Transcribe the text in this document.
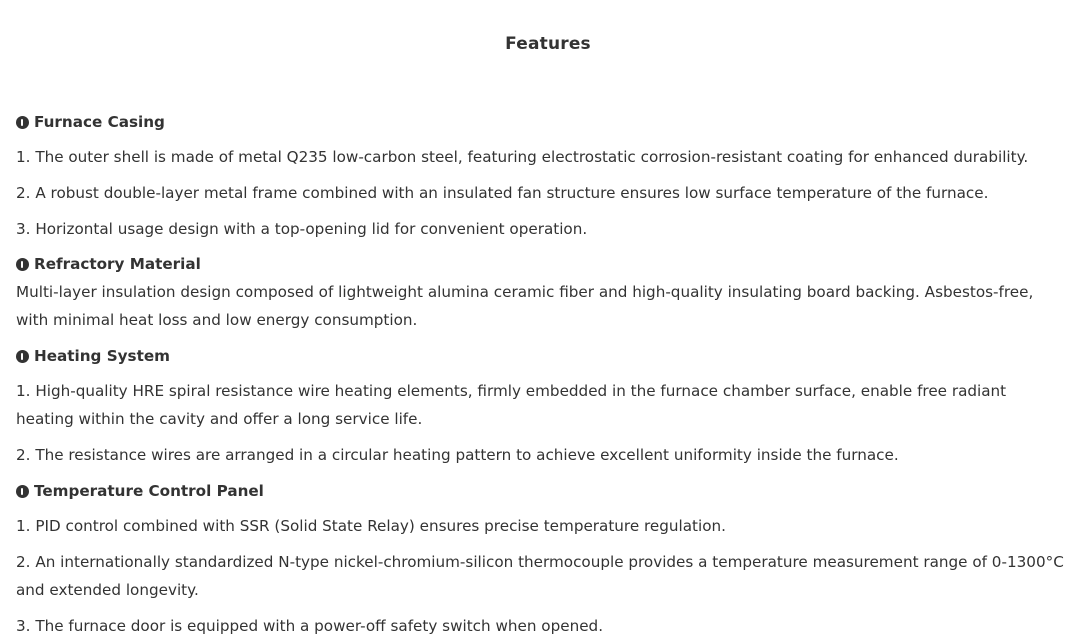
Features
Furnace Casing

1. The outer shell is made of metal Q235 low-carbon steel, featuring electrostatic corrosion-resistant coating for enhanced durability.

2. A robust double-layer metal frame combined with an insulated fan structure ensures low surface temperature of the furnace.

3. Horizontal usage design with a top-opening lid for convenient operation.

Refractory Material

Multi-layer insulation design composed of lightweight alumina ceramic fiber and high-quality insulating board backing. Asbestos-free, with minimal heat loss and low energy consumption.

Heating System

1. High-quality HRE spiral resistance wire heating elements, firmly embedded in the furnace chamber surface, enable free radiant heating within the cavity and offer a long service life.

2. The resistance wires are arranged in a circular heating pattern to achieve excellent uniformity inside the furnace.

Temperature Control Panel

1. PID control combined with SSR (Solid State Relay) ensures precise temperature regulation.

2. An internationally standardized N-type nickel-chromium-silicon thermocouple provides a temperature measurement range of 0-1300°C and extended longevity.

3. The furnace door is equipped with a power-off safety switch when opened.
